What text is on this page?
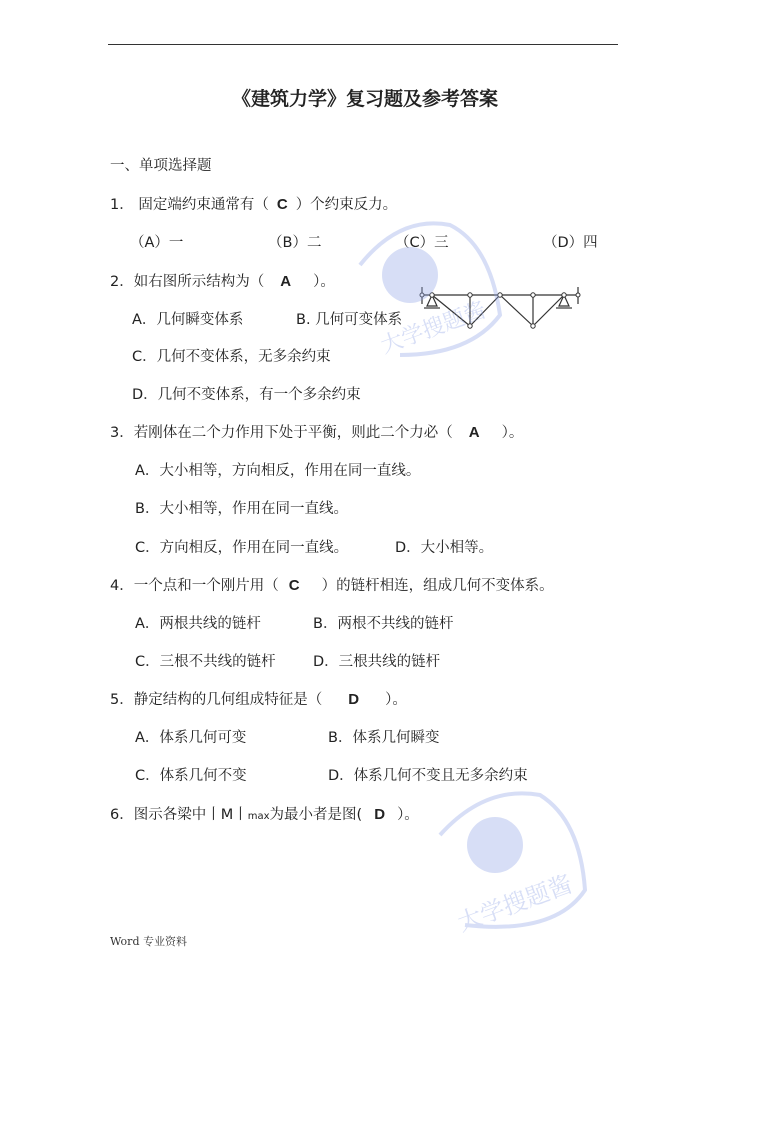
《建筑力学》复习题及参考答案
一、单项选择题
1． 固定端约束通常有（ C ）个约束反力。
（A）一	（B）二	（C）三	（D）四
2．如右图所示结构为（ A ）。
A．几何瞬变体系	B. 几何可变体系
C．几何不变体系，无多余约束
D．几何不变体系，有一个多余约束
3．若刚体在二个力作用下处于平衡，则此二个力必（ A ）。
A．大小相等，方向相反，作用在同一直线。
B．大小相等，作用在同一直线。
C．方向相反，作用在同一直线。	D．大小相等。
4．一个点和一个刚片用（ C ）的链杆相连，组成几何不变体系。
A．两根共线的链杆	B．两根不共线的链杆
C．三根不共线的链杆	D．三根共线的链杆
5．静定结构的几何组成特征是（ D ）。
A．体系几何可变	B．体系几何瞬变
C．体系几何不变	D．体系几何不变且无多余约束
6．图示各梁中丨M丨max为最小者是图( D ）。
Word 专业资料
大学搜题酱
大学搜题酱
